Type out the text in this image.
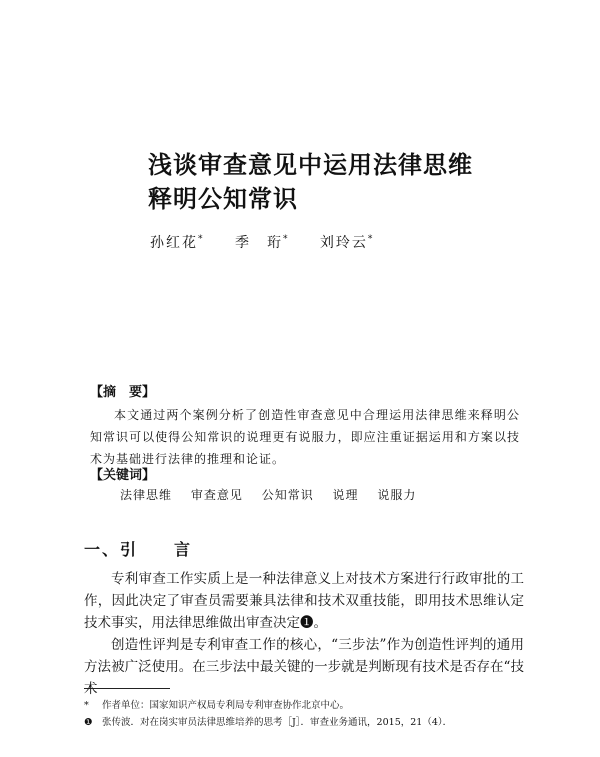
浅谈审查意见中运用法律思维
释明公知常识
孙红花* 季　珩* 刘玲云*
【摘　要】
本文通过两个案例分析了创造性审查意见中合理运用法律思维来释明公知常识可以使得公知常识的说理更有说服力，即应注重证据运用和方案以技术为基础进行法律的推理和论证。
【关键词】
法律思维 审查意见 公知常识 说理 说服力
一、引　　言
专利审查工作实质上是一种法律意义上对技术方案进行行政审批的工作，因此决定了审查员需要兼具法律和技术双重技能，即用技术思维认定技术事实，用法律思维做出审查决定❶。
创造性评判是专利审查工作的核心，“三步法”作为创造性评判的通用方法被广泛使用。在三步法中最关键的一步就是判断现有技术是否存在“技术
* 作者单位：国家知识产权局专利局专利审查协作北京中心。
❶ 张传波．对在岗实审员法律思维培养的思考［J］．审查业务通讯，2015，21（4）．
